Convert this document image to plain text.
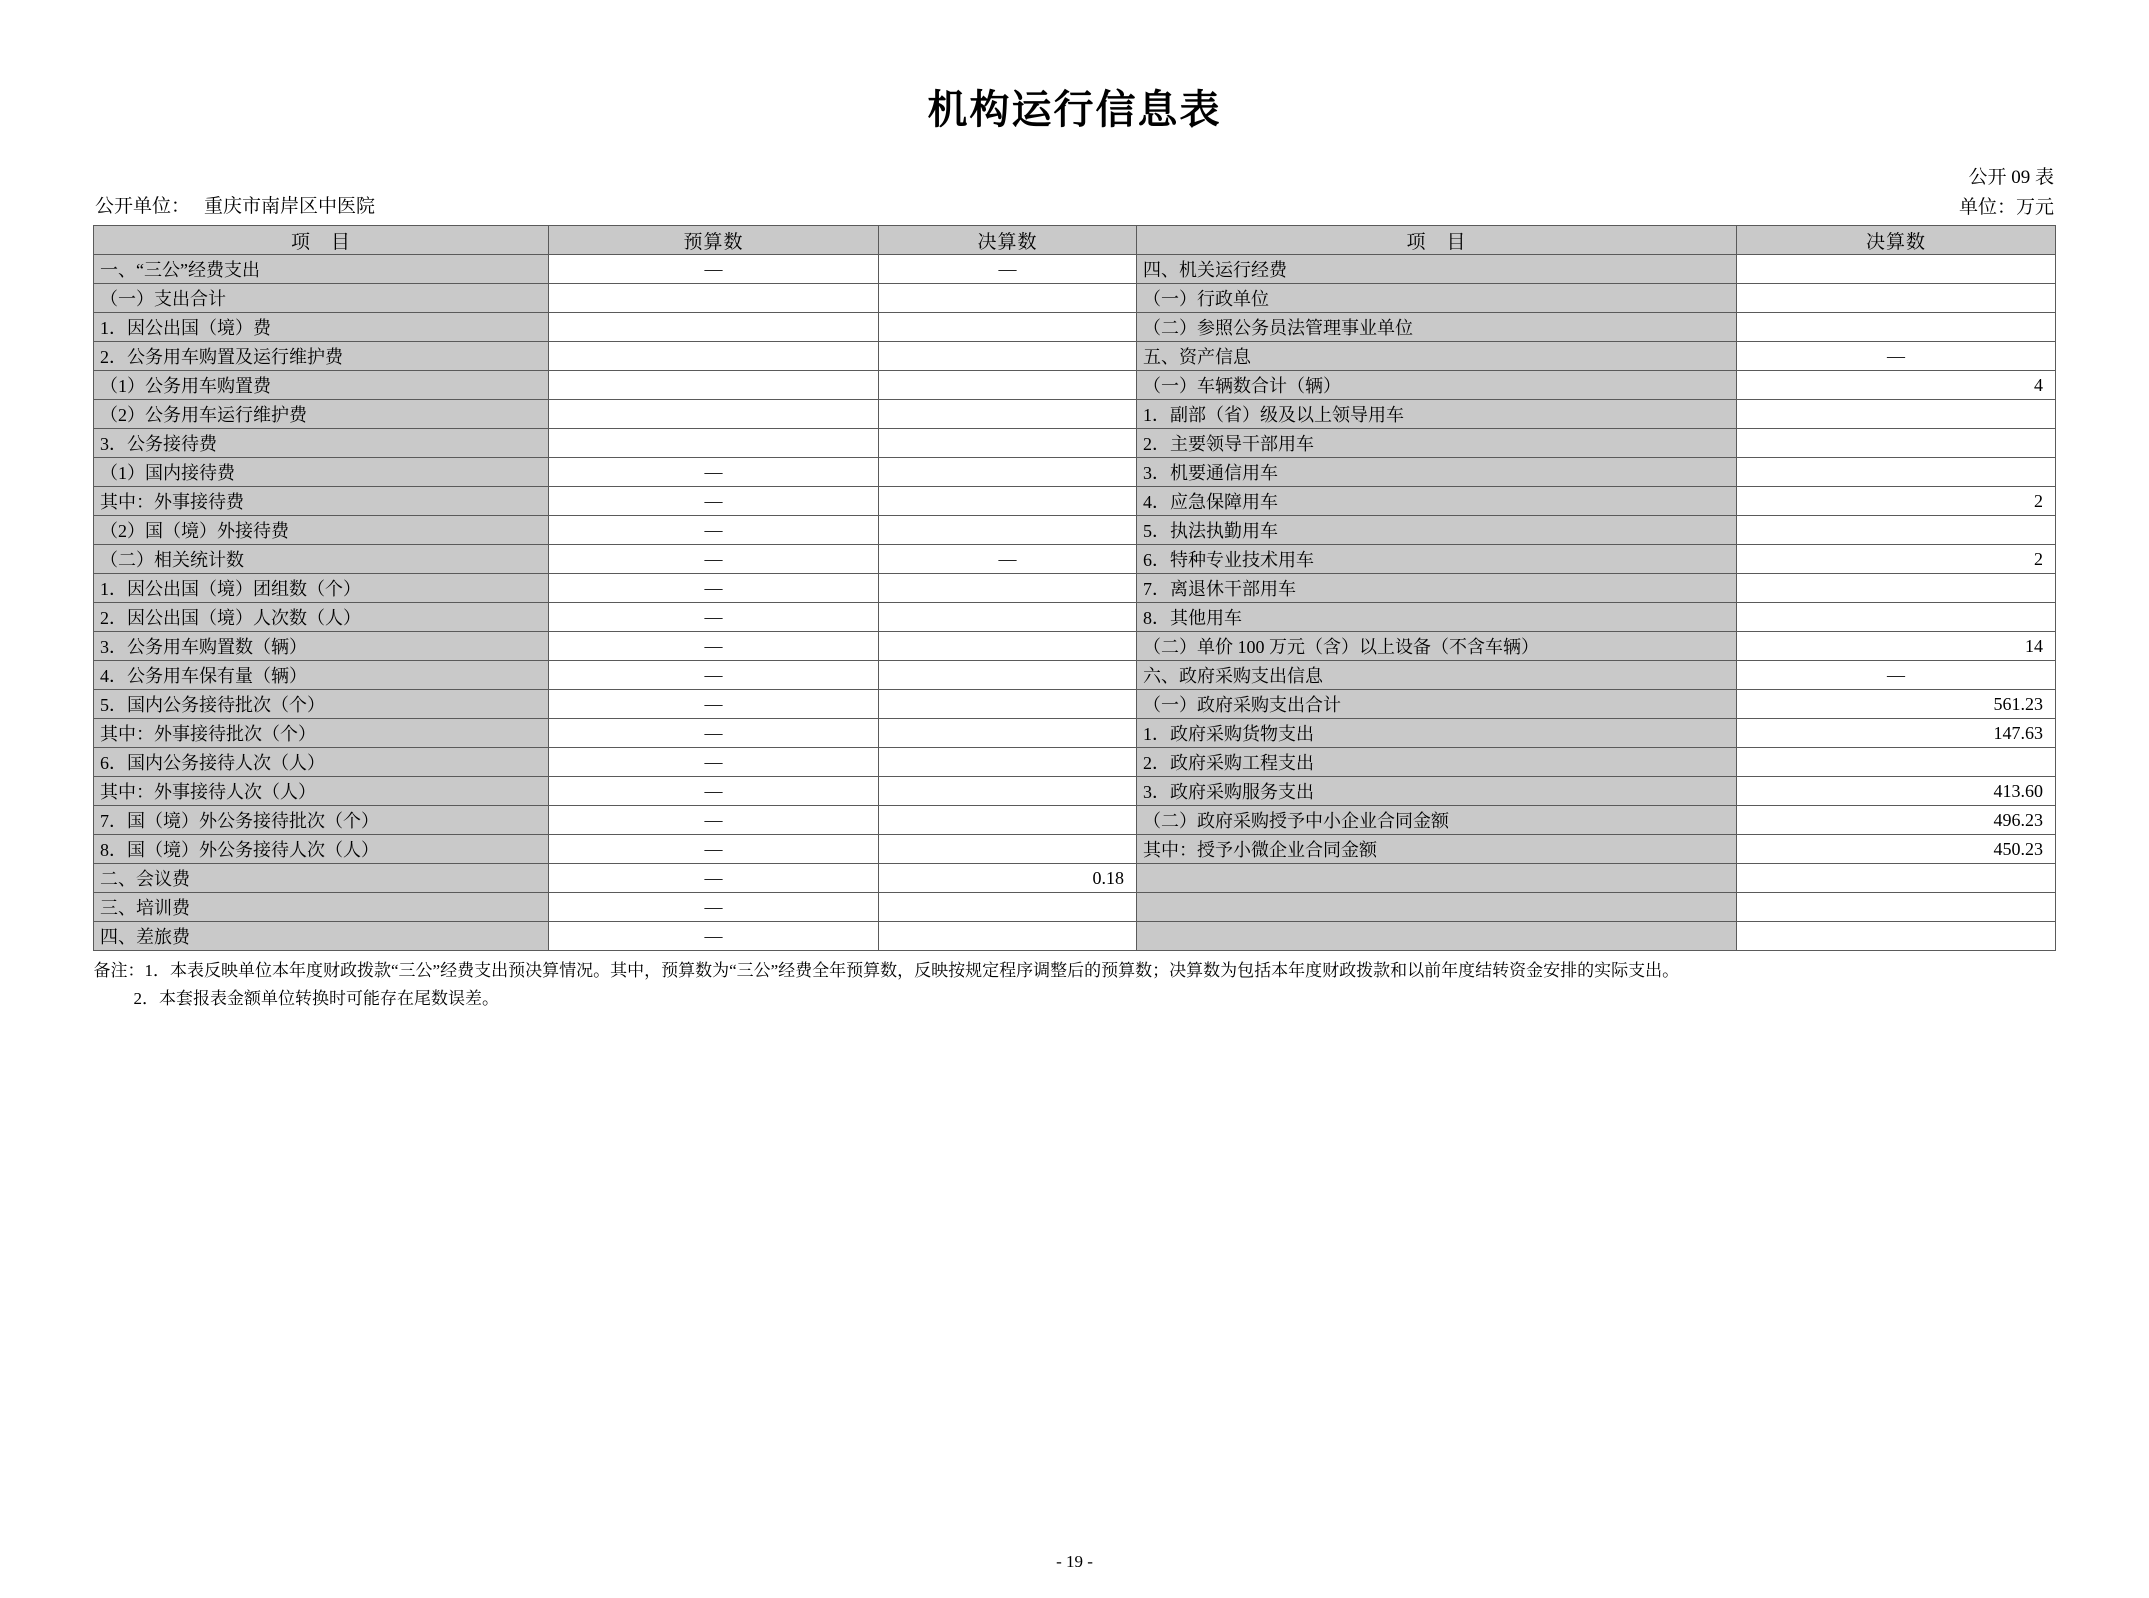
机构运行信息表
公开单位： 重庆市南岸区中医院
公开 09 表
单位：万元
项　目	预算数	决算数	项　目	决算数
一、“三公”经费支出	—	—	四、机关运行经费	
（一）支出合计			（一）行政单位	
1．因公出国（境）费			（二）参照公务员法管理事业单位	
2．公务用车购置及运行维护费			五、资产信息	—
（1）公务用车购置费			（一）车辆数合计（辆）	4
（2）公务用车运行维护费			1．副部（省）级及以上领导用车	
3．公务接待费			2．主要领导干部用车	
（1）国内接待费	—		3．机要通信用车	
其中：外事接待费	—		4．应急保障用车	2
（2）国（境）外接待费	—		5．执法执勤用车	
（二）相关统计数	—	—	6．特种专业技术用车	2
1．因公出国（境）团组数（个）	—		7．离退休干部用车	
2．因公出国（境）人次数（人）	—		8．其他用车	
3．公务用车购置数（辆）	—		（二）单价 100 万元（含）以上设备（不含车辆）	14
4．公务用车保有量（辆）	—		六、政府采购支出信息	—
5．国内公务接待批次（个）	—		（一）政府采购支出合计	561.23
其中：外事接待批次（个）	—		1．政府采购货物支出	147.63
6．国内公务接待人次（人）	—		2．政府采购工程支出	
其中：外事接待人次（人）	—		3．政府采购服务支出	413.60
7．国（境）外公务接待批次（个）	—		（二）政府采购授予中小企业合同金额	496.23
8．国（境）外公务接待人次（人）	—		其中：授予小微企业合同金额	450.23
二、会议费	—	0.18		
三、培训费	—			
四、差旅费	—			
备注：1．本表反映单位本年度财政拨款“三公”经费支出预决算情况。其中，预算数为“三公”经费全年预算数，反映按规定程序调整后的预算数；决算数为包括本年度财政拨款和以前年度结转资金安排的实际支出。
2．本套报表金额单位转换时可能存在尾数误差。
- 19 -
